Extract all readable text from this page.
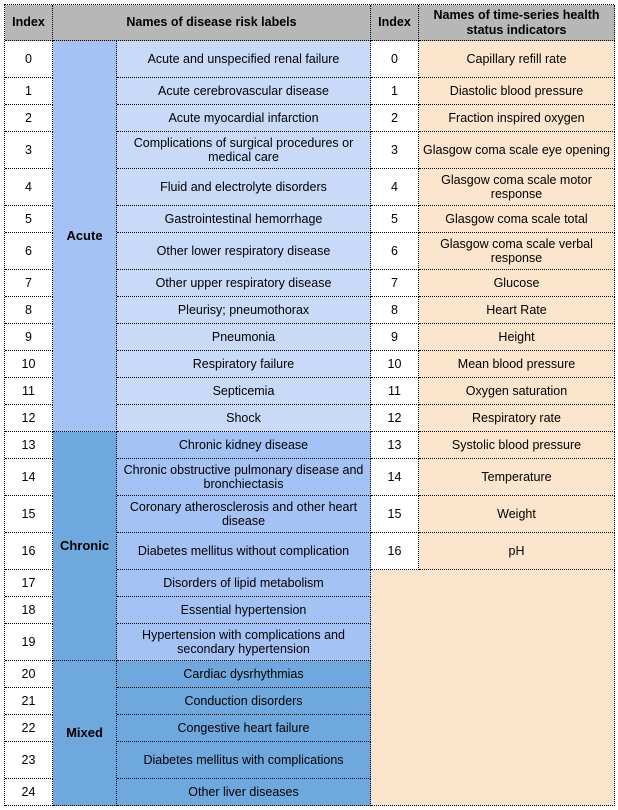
Index	Names of disease risk labels
0
1
2
3
4
5
6
7
8
9
10
11
12
Acute
Acute and unspecified renal failure
Acute cerebrovascular disease
Acute myocardial infarction
Complications of surgical procedures or medical care
Fluid and electrolyte disorders
Gastrointestinal hemorrhage
Other lower respiratory disease
Other upper respiratory disease
Pleurisy; pneumothorax
Pneumonia
Respiratory failure
Septicemia
Shock
13
14
15
16
17
18
19
Chronic
Chronic kidney disease
Chronic obstructive pulmonary disease and bronchiectasis
Coronary atherosclerosis and other heart disease
Diabetes mellitus without complication
Disorders of lipid metabolism
Essential hypertension
Hypertension with complications and secondary hypertension
20
21
22
23
24
Mixed
Cardiac dysrhythmias
Conduction disorders
Congestive heart failure
Diabetes mellitus with complications
Other liver diseases
Index
Names of time-series health status indicators
0
1
2
3
4
5
6
7
8
9
10
11
12
13
14
15
16
Capillary refill rate
Diastolic blood pressure
Fraction inspired oxygen
Glasgow coma scale eye opening
Glasgow coma scale motor response
Glasgow coma scale total
Glasgow coma scale verbal response
Glucose
Heart Rate
Height
Mean blood pressure
Oxygen saturation
Respiratory rate
Systolic blood pressure
Temperature
Weight
pH
